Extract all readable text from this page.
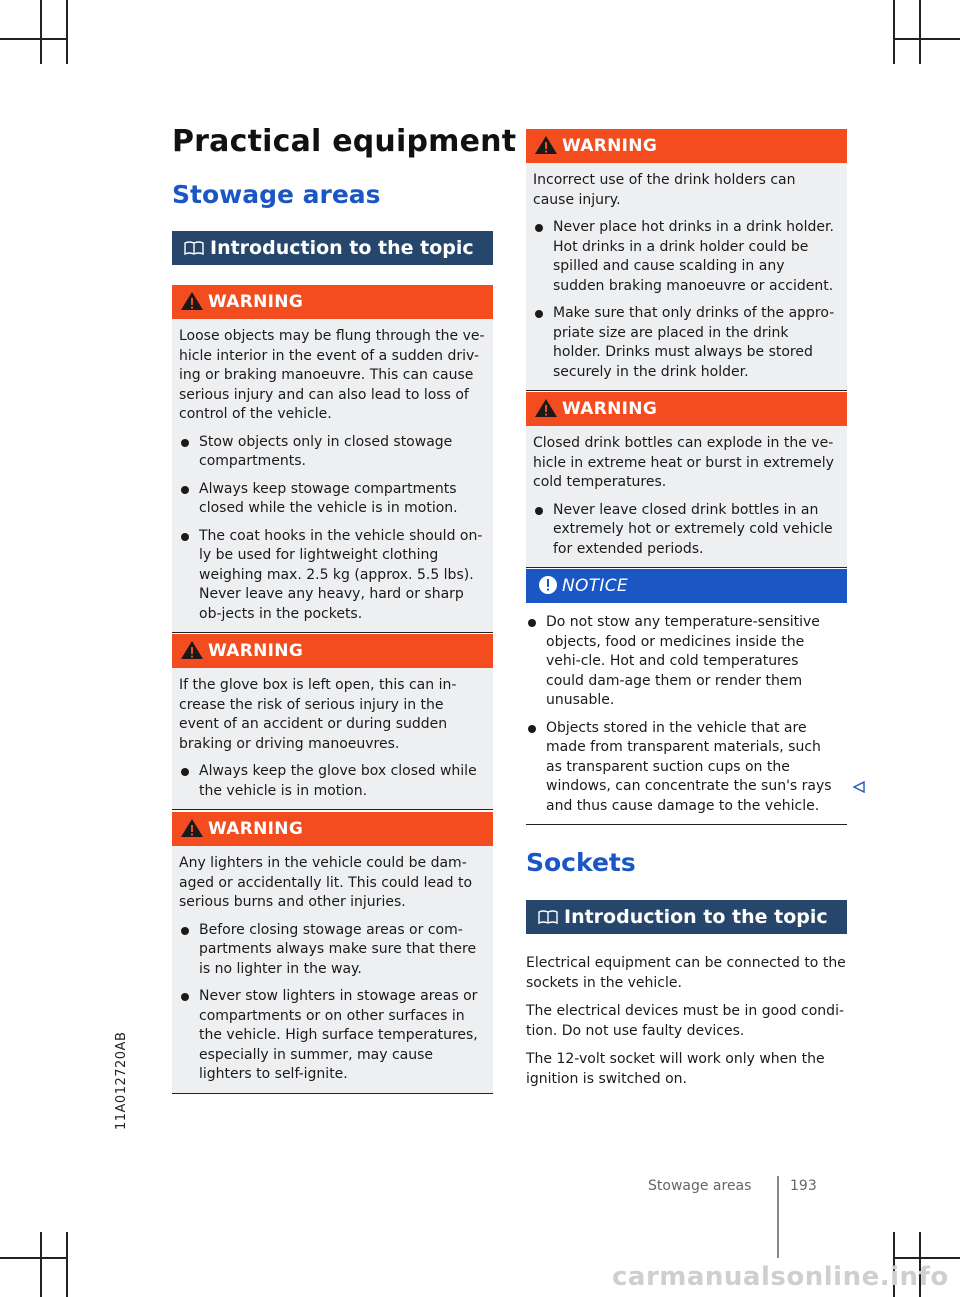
Practical equipment
Stowage areas
Introduction to the topic
WARNING

Loose objects may be flung through the ve-hicle interior in the event of a sudden driv-ing or braking manoeuvre. This can cause serious injury and can also lead to loss of control of the vehicle.

Stow objects only in closed stowage compartments.
Always keep stowage compartments closed while the vehicle is in motion.
The coat hooks in the vehicle should on-ly be used for lightweight clothing weighing max. 2.5 kg (approx. 5.5 lbs). Never leave any heavy, hard or sharp ob-jects in the pockets.
WARNING

If the glove box is left open, this can in-crease the risk of serious injury in the event of an accident or during sudden braking or driving manoeuvres.

Always keep the glove box closed while the vehicle is in motion.
WARNING

Any lighters in the vehicle could be dam-aged or accidentally lit. This could lead to serious burns and other injuries.

Before closing stowage areas or com-partments always make sure that there is no lighter in the way.
Never stow lighters in stowage areas or compartments or on other surfaces in the vehicle. High surface temperatures, especially in summer, may cause lighters to self-ignite.
WARNING

Incorrect use of the drink holders can cause injury.

Never place hot drinks in a drink holder. Hot drinks in a drink holder could be spilled and cause scalding in any sudden braking manoeuvre or accident.
Make sure that only drinks of the appro-priate size are placed in the drink holder. Drinks must always be stored securely in the drink holder.
WARNING

Closed drink bottles can explode in the ve-hicle in extreme heat or burst in extremely cold temperatures.

Never leave closed drink bottles in an extremely hot or extremely cold vehicle for extended periods.
NOTICE
Do not stow any temperature-sensitive objects, food or medicines inside the vehi-cle. Hot and cold temperatures could dam-age them or render them unusable.
Objects stored in the vehicle that are made from transparent materials, such as transparent suction cups on the windows, can concentrate the sun's rays and thus cause damage to the vehicle.
Sockets
Introduction to the topic

Electrical equipment can be connected to the sockets in the vehicle.

The electrical devices must be in good condi-tion. Do not use faulty devices.

The 12-volt socket will work only when the ignition is switched on.

11A012720AB
Stowage areas	193
carmanualsonline.info
